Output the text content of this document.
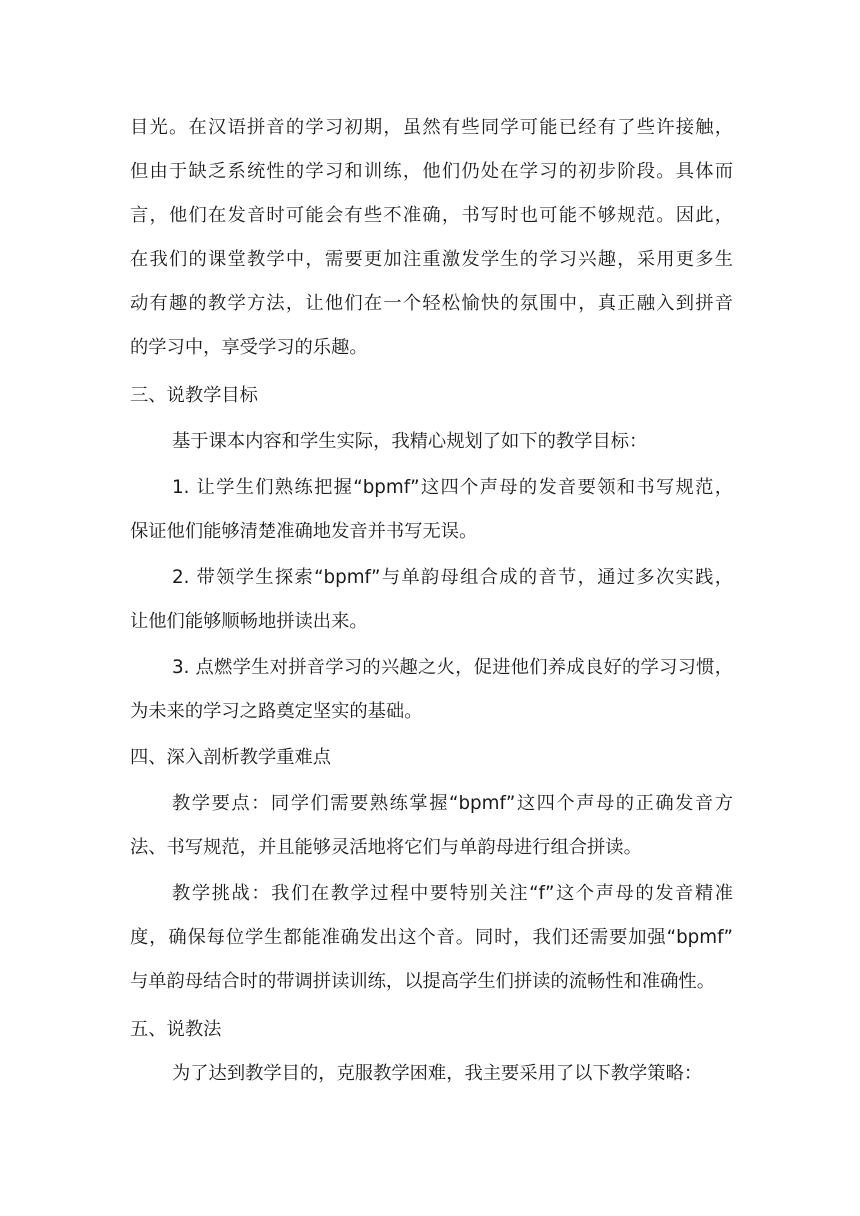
目光。在汉语拼音的学习初期，虽然有些同学可能已经有了些许接触，
但由于缺乏系统性的学习和训练，他们仍处在学习的初步阶段。具体而
言，他们在发音时可能会有些不准确，书写时也可能不够规范。因此，
在我们的课堂教学中，需要更加注重激发学生的学习兴趣，采用更多生
动有趣的教学方法，让他们在一个轻松愉快的氛围中，真正融入到拼音
的学习中，享受学习的乐趣。
三、说教学目标
基于课本内容和学生实际，我精心规划了如下的教学目标：
1. 让学生们熟练把握“bpmf”这四个声母的发音要领和书写规范，
保证他们能够清楚准确地发音并书写无误。
2. 带领学生探索“bpmf”与单韵母组合成的音节，通过多次实践，
让他们能够顺畅地拼读出来。
3. 点燃学生对拼音学习的兴趣之火，促进他们养成良好的学习习惯，
为未来的学习之路奠定坚实的基础。
四、深入剖析教学重难点
教学要点：同学们需要熟练掌握“bpmf”这四个声母的正确发音方
法、书写规范，并且能够灵活地将它们与单韵母进行组合拼读。
教学挑战：我们在教学过程中要特别关注“f”这个声母的发音精准
度，确保每位学生都能准确发出这个音。同时，我们还需要加强“bpmf”
与单韵母结合时的带调拼读训练，以提高学生们拼读的流畅性和准确性。
五、说教法
为了达到教学目的，克服教学困难，我主要采用了以下教学策略：
